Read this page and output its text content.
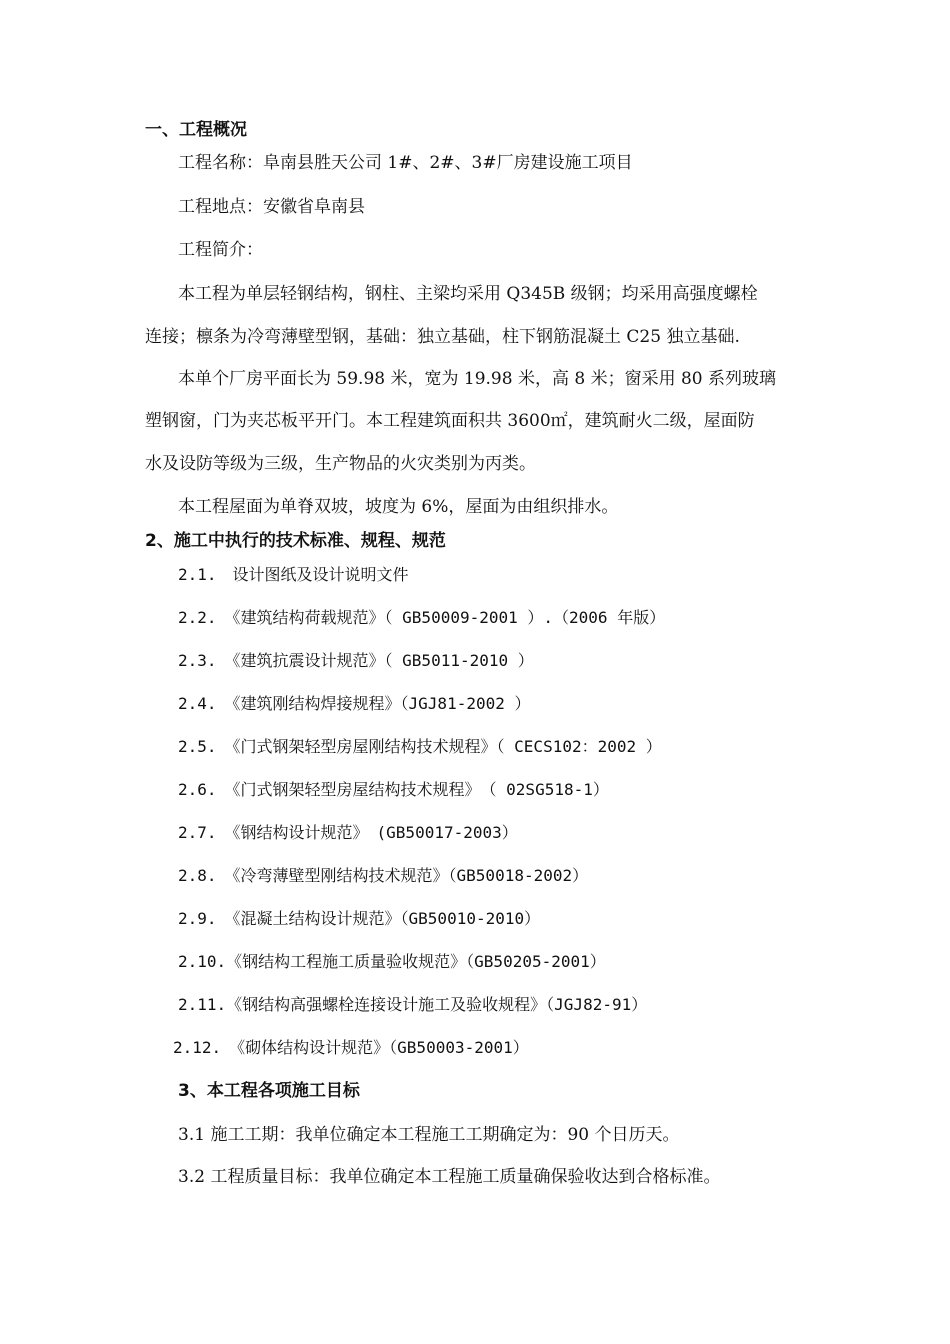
一、工程概况
工程名称：阜南县胜天公司 1#、2#、3#厂房建设施工项目
工程地点：安徽省阜南县
工程简介：
本工程为单层轻钢结构，钢柱、主梁均采用 Q345B 级钢；均采用高强度螺栓
连接；檩条为冷弯薄壁型钢，基础：独立基础，柱下钢筋混凝土 C25 独立基础.
本单个厂房平面长为 59.98 米，宽为 19.98 米，高 8 米；窗采用 80 系列玻璃
塑钢窗，门为夹芯板平开门。本工程建筑面积共 3600㎡，建筑耐火二级，屋面防
水及设防等级为三级，生产物品的火灾类别为丙类。
本工程屋面为单脊双坡，坡度为 6%，屋面为由组织排水。
2、施工中执行的技术标准、规程、规范
2.1.　设计图纸及设计说明文件
2.2.　《建筑结构荷载规范》（ GB50009-2001 ）.（2006 年版）
2.3.　《建筑抗震设计规范》（ GB5011-2010 ）
2.4.　《建筑刚结构焊接规程》（JGJ81-2002 ）
2.5.　《门式钢架轻型房屋刚结构技术规程》（ CECS102：2002 ）
2.6.　《门式钢架轻型房屋结构技术规程》　（ 02SG518-1）
2.7.　《钢结构设计规范》　(GB50017-2003）
2.8.　《冷弯薄壁型刚结构技术规范》（GB50018-2002）
2.9.　《混凝土结构设计规范》（GB50010-2010）
2.10.《钢结构工程施工质量验收规范》（GB50205-2001）
2.11.《钢结构高强螺栓连接设计施工及验收规程》（JGJ82-91）
2.12.　《砌体结构设计规范》（GB50003-2001）
3、本工程各项施工目标
3.1 施工工期：我单位确定本工程施工工期确定为：90 个日历天。
3.2 工程质量目标：我单位确定本工程施工质量确保验收达到合格标准。
